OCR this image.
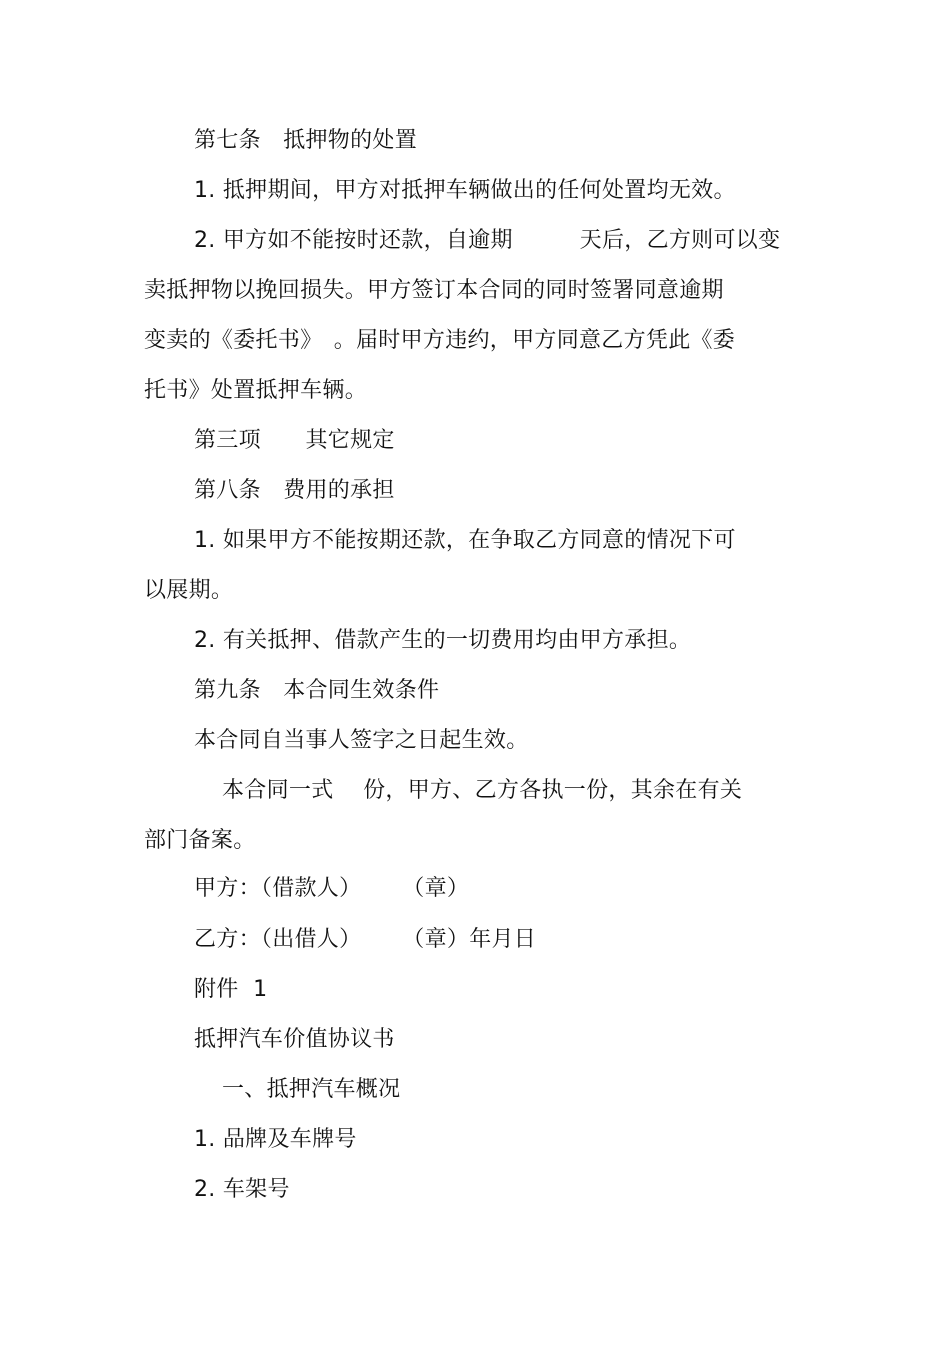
第七条　抵押物的处置
1. 抵押期间，甲方对抵押车辆做出的任何处置均无效。
2. 甲方如不能按时还款，自逾期　　　天后，乙方则可以变
卖抵押物以挽回损失。甲方签订本合同的同时签署同意逾期
变卖的《委托书》　。届时甲方违约，甲方同意乙方凭此《委
托书》处置抵押车辆。
第三项　　其它规定
第八条　费用的承担
1. 如果甲方不能按期还款，在争取乙方同意的情况下可
以展期。
2. 有关抵押、借款产生的一切费用均由甲方承担。
第九条　本合同生效条件
本合同自当事人签字之日起生效。
本合同一式　 份，甲方、乙方各执一份，其余在有关
部门备案。
甲方：（借款人）　　 （章）
乙方：（出借人）　　 （章）年月日
附件  1
抵押汽车价值协议书
一、抵押汽车概况
1. 品牌及车牌号
2. 车架号
